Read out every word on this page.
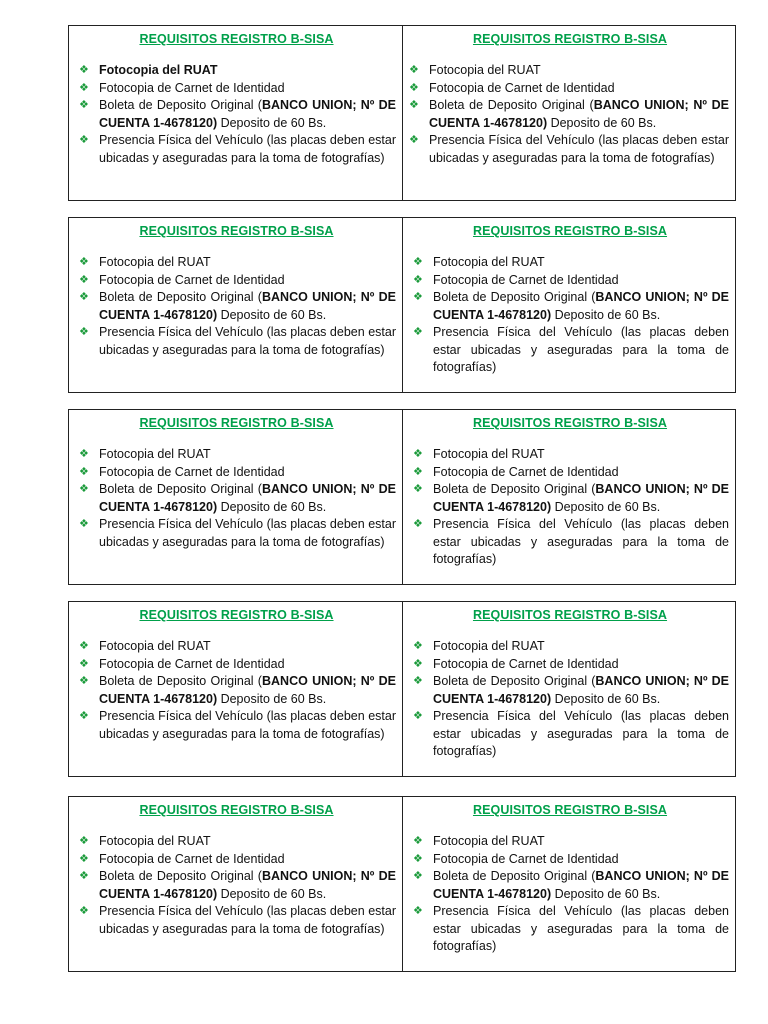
REQUISITOS REGISTRO B-SISA
❖ Fotocopia del RUAT
❖ Fotocopia de Carnet de Identidad
❖ Boleta de Deposito Original (BANCO UNION; Nº DE CUENTA 1-4678120) Deposito de 60 Bs.
❖ Presencia Física del Vehículo (las placas deben estar ubicadas y aseguradas para la toma de fotografías)
REQUISITOS REGISTRO B-SISA
❖ Fotocopia del RUAT
❖ Fotocopia de Carnet de Identidad
❖ Boleta de Deposito Original (BANCO UNION; Nº DE CUENTA 1-4678120) Deposito de 60 Bs.
❖ Presencia Física del Vehículo (las placas deben estar ubicadas y aseguradas para la toma de fotografías)
REQUISITOS REGISTRO B-SISA
❖ Fotocopia del RUAT
❖ Fotocopia de Carnet de Identidad
❖ Boleta de Deposito Original (BANCO UNION; Nº DE CUENTA 1-4678120) Deposito de 60 Bs.
❖ Presencia Física del Vehículo (las placas deben estar ubicadas y aseguradas para la toma de fotografías)
REQUISITOS REGISTRO B-SISA
❖ Fotocopia del RUAT
❖ Fotocopia de Carnet de Identidad
❖ Boleta de Deposito Original (BANCO UNION; Nº DE CUENTA 1-4678120) Deposito de 60 Bs.
❖ Presencia Física del Vehículo (las placas deben estar ubicadas y aseguradas para la toma de fotografías)
REQUISITOS REGISTRO B-SISA
❖ Fotocopia del RUAT
❖ Fotocopia de Carnet de Identidad
❖ Boleta de Deposito Original (BANCO UNION; Nº DE CUENTA 1-4678120) Deposito de 60 Bs.
❖ Presencia Física del Vehículo (las placas deben estar ubicadas y aseguradas para la toma de fotografías)
REQUISITOS REGISTRO B-SISA
❖ Fotocopia del RUAT
❖ Fotocopia de Carnet de Identidad
❖ Boleta de Deposito Original (BANCO UNION; Nº DE CUENTA 1-4678120) Deposito de 60 Bs.
❖ Presencia Física del Vehículo (las placas deben estar ubicadas y aseguradas para la toma de fotografías)
REQUISITOS REGISTRO B-SISA
❖ Fotocopia del RUAT
❖ Fotocopia de Carnet de Identidad
❖ Boleta de Deposito Original (BANCO UNION; Nº DE CUENTA 1-4678120) Deposito de 60 Bs.
❖ Presencia Física del Vehículo (las placas deben estar ubicadas y aseguradas para la toma de fotografías)
REQUISITOS REGISTRO B-SISA
❖ Fotocopia del RUAT
❖ Fotocopia de Carnet de Identidad
❖ Boleta de Deposito Original (BANCO UNION; Nº DE CUENTA 1-4678120) Deposito de 60 Bs.
❖ Presencia Física del Vehículo (las placas deben estar ubicadas y aseguradas para la toma de fotografías)
REQUISITOS REGISTRO B-SISA
❖ Fotocopia del RUAT
❖ Fotocopia de Carnet de Identidad
❖ Boleta de Deposito Original (BANCO UNION; Nº DE CUENTA 1-4678120) Deposito de 60 Bs.
❖ Presencia Física del Vehículo (las placas deben estar ubicadas y aseguradas para la toma de fotografías)
REQUISITOS REGISTRO B-SISA
❖ Fotocopia del RUAT
❖ Fotocopia de Carnet de Identidad
❖ Boleta de Deposito Original (BANCO UNION; Nº DE CUENTA 1-4678120) Deposito de 60 Bs.
❖ Presencia Física del Vehículo (las placas deben estar ubicadas y aseguradas para la toma de fotografías)
